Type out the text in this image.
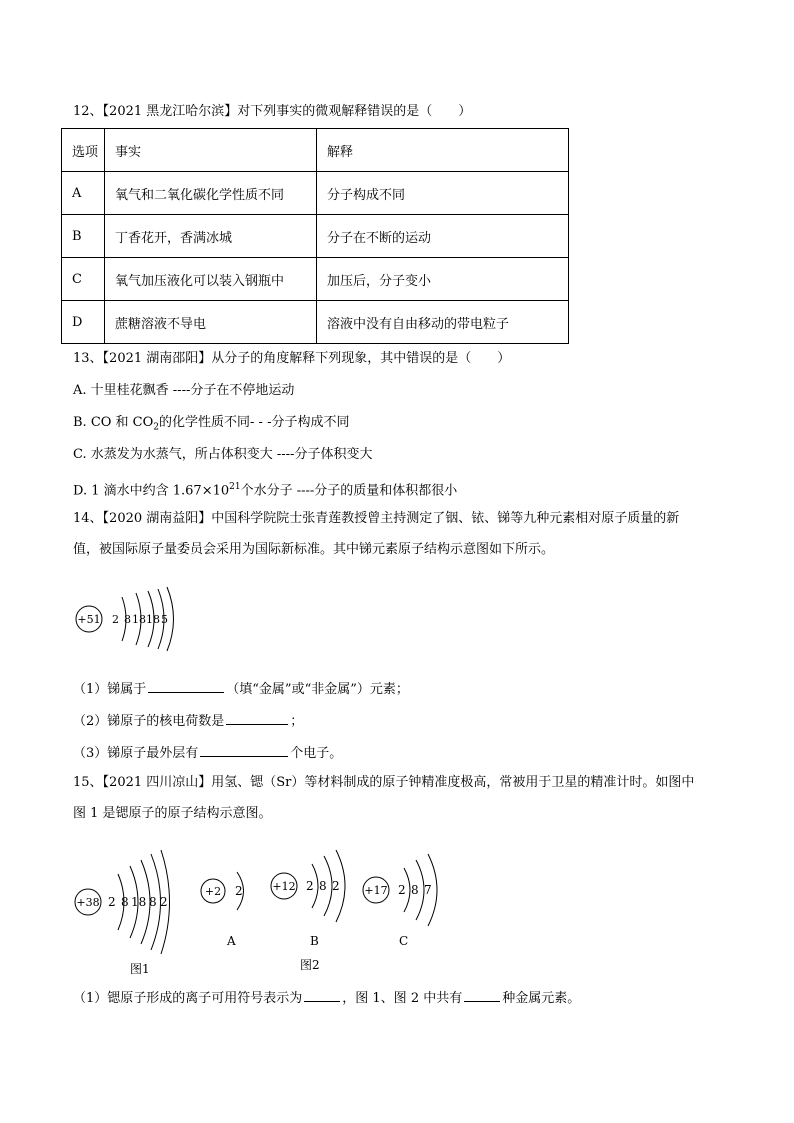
12、【2021 黑龙江哈尔滨】对下列事实的微观解释错误的是（　　）
选项	事实	解释
A	氧气和二氧化碳化学性质不同	分子构成不同
B	丁香花开，香满冰城	分子在不断的运动
C	氧气加压液化可以装入钢瓶中	加压后，分子变小
D	蔗糖溶液不导电	溶液中没有自由移动的带电粒子
13、【2021 湖南邵阳】从分子的角度解释下列现象，其中错误的是（　　）
A. 十里桂花飘香 ----分子在不停地运动
B. CO 和 $CO_2$的化学性质不同- - -分子构成不同
C. 水蒸发为水蒸气，所占体积变大 ----分子体积变大
D. 1 滴水中约含 $1.67\times 10^{21}$个水分子 ----分子的质量和体积都很小
14、【2020 湖南益阳】中国科学院院士张青莲教授曾主持测定了铟、铱、锑等九种元素相对原子质量的新
值，被国际原子量委员会采用为国际新标准。其中锑元素原子结构示意图如下所示。
+51 2 8 18 18 5
（1）锑属于	（填“金属”或“非金属”）元素；
（2）锑原子的核电荷数是	；
（3）锑原子最外层有	个电子。
15、【2021 四川凉山】用氢、锶（Sr）等材料制成的原子钟精准度极高，常被用于卫星的精准计时。如图中
图 1 是锶原子的原子结构示意图。
+38 2 8 18 8 2
图1
+2 2
A
+12 2 8 2
B
+17 2 8 7
C
图2
（1）锶原子形成的离子可用符号表示为	，图 1、图 2 中共有	种金属元素。
